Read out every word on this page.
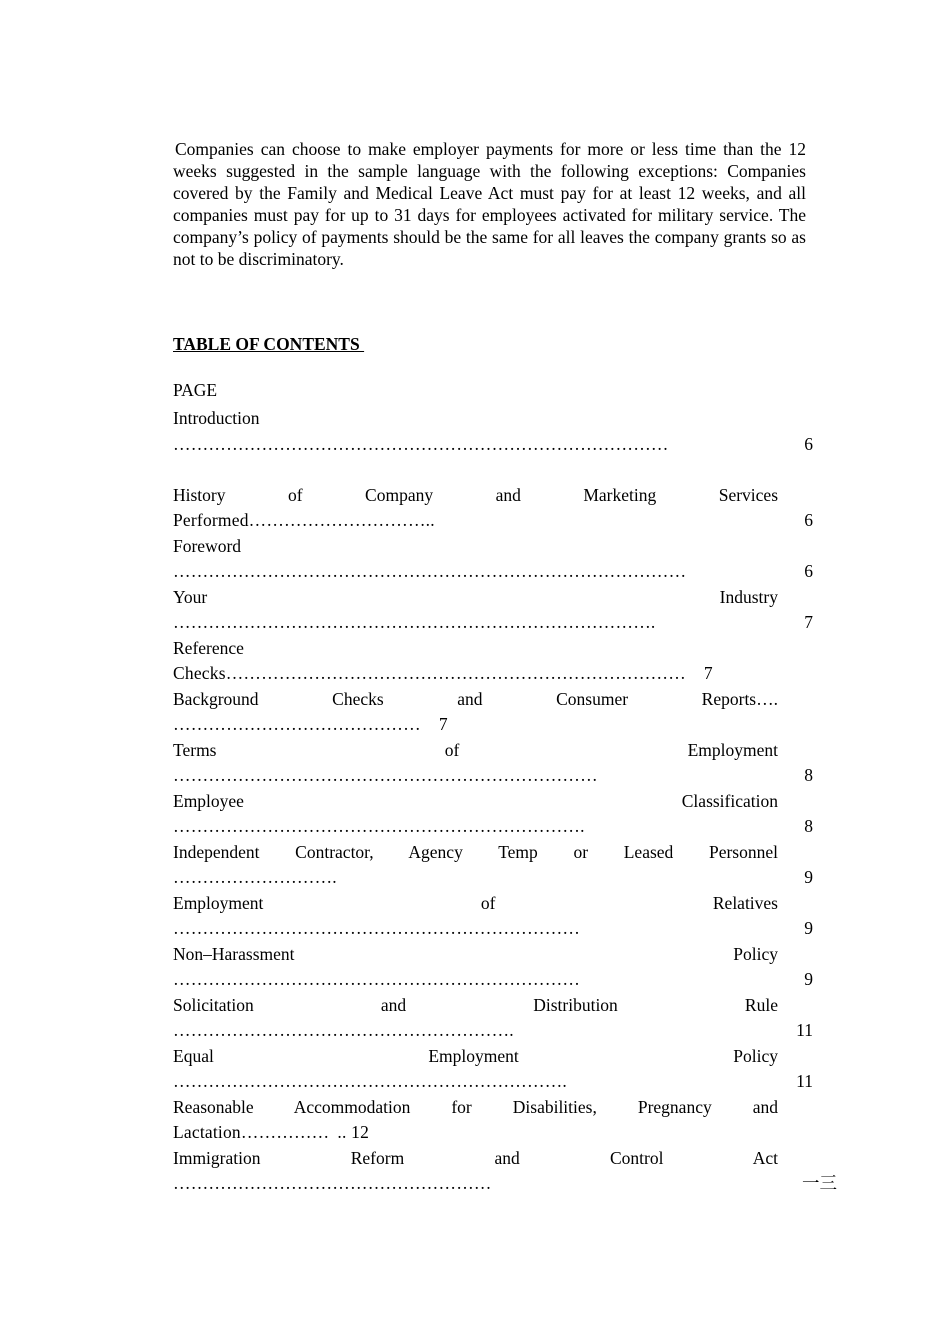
Companies can choose to make employer payments for more or less time than the 12 weeks suggested in the sample language with the following exceptions: Companies covered by the Family and Medical Leave Act must pay for at least 12 weeks, and all companies must pay for up to 31 days for employees activated for military service. The company’s policy of payments should be the same for all leaves the company grants so as not to be discriminatory.

TABLE OF CONTENTS

PAGE

Introduction
…………………………………………………………………………	6
History of Company and Marketing Services
Performed…………………………..	6
Foreword
……………………………………………………………………………	6
Your Industry
……………………………………………………………………….	7
Reference
Checks…………………………………………………………………… 7
Background Checks and Consumer Reports….
…………………………………… 7
Terms of Employment
………………………………………………………………	8
Employee Classification
…………………………………………………………….	8
Independent Contractor, Agency Temp or Leased Personnel
……………………….	9
Employment of Relatives
……………………………………………………………	9
Non–Harassment Policy
……………………………………………………………	9
Solicitation and Distribution Rule
………………………………………………….	11
Equal Employment Policy
………………………………………………………….	11
Reasonable Accommodation for Disabilities, Pregnancy and
Lactation…………… .. 12
Immigration Reform and Control Act
………………………………………………	一三
